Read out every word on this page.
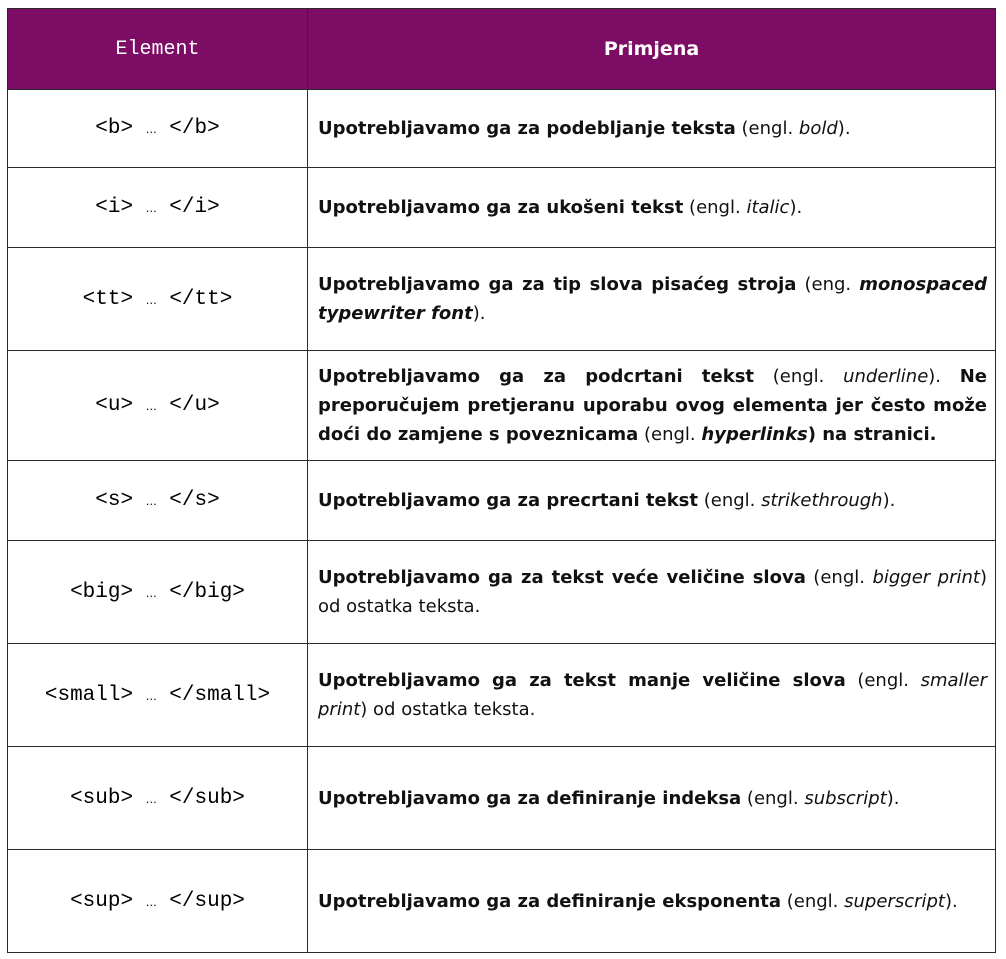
Element	Primjena
<b> … </b>	Upotrebljavamo ga za podebljanje teksta (engl. bold).
<i> … </i>	Upotrebljavamo ga za ukošeni tekst (engl. italic).
<tt> … </tt>	Upotrebljavamo ga za tip slova pisaćeg stroja (eng. monospaced typewriter font).
<u> … </u>	Upotrebljavamo ga za podcrtani tekst (engl. underline). Ne preporučujem pretjeranu uporabu ovog elementa jer često može doći do zamjene s poveznicama (engl. hyperlinks) na stranici.
<s> … </s>	Upotrebljavamo ga za precrtani tekst (engl. strikethrough).
<big> … </big>	Upotrebljavamo ga za tekst veće veličine slova (engl. bigger print) od ostatka teksta.
<small> … </small>	Upotrebljavamo ga za tekst manje veličine slova (engl. smaller print) od ostatka teksta.
<sub> … </sub>	Upotrebljavamo ga za definiranje indeksa (engl. subscript).
<sup> … </sup>	Upotrebljavamo ga za definiranje eksponenta (engl. superscript).
